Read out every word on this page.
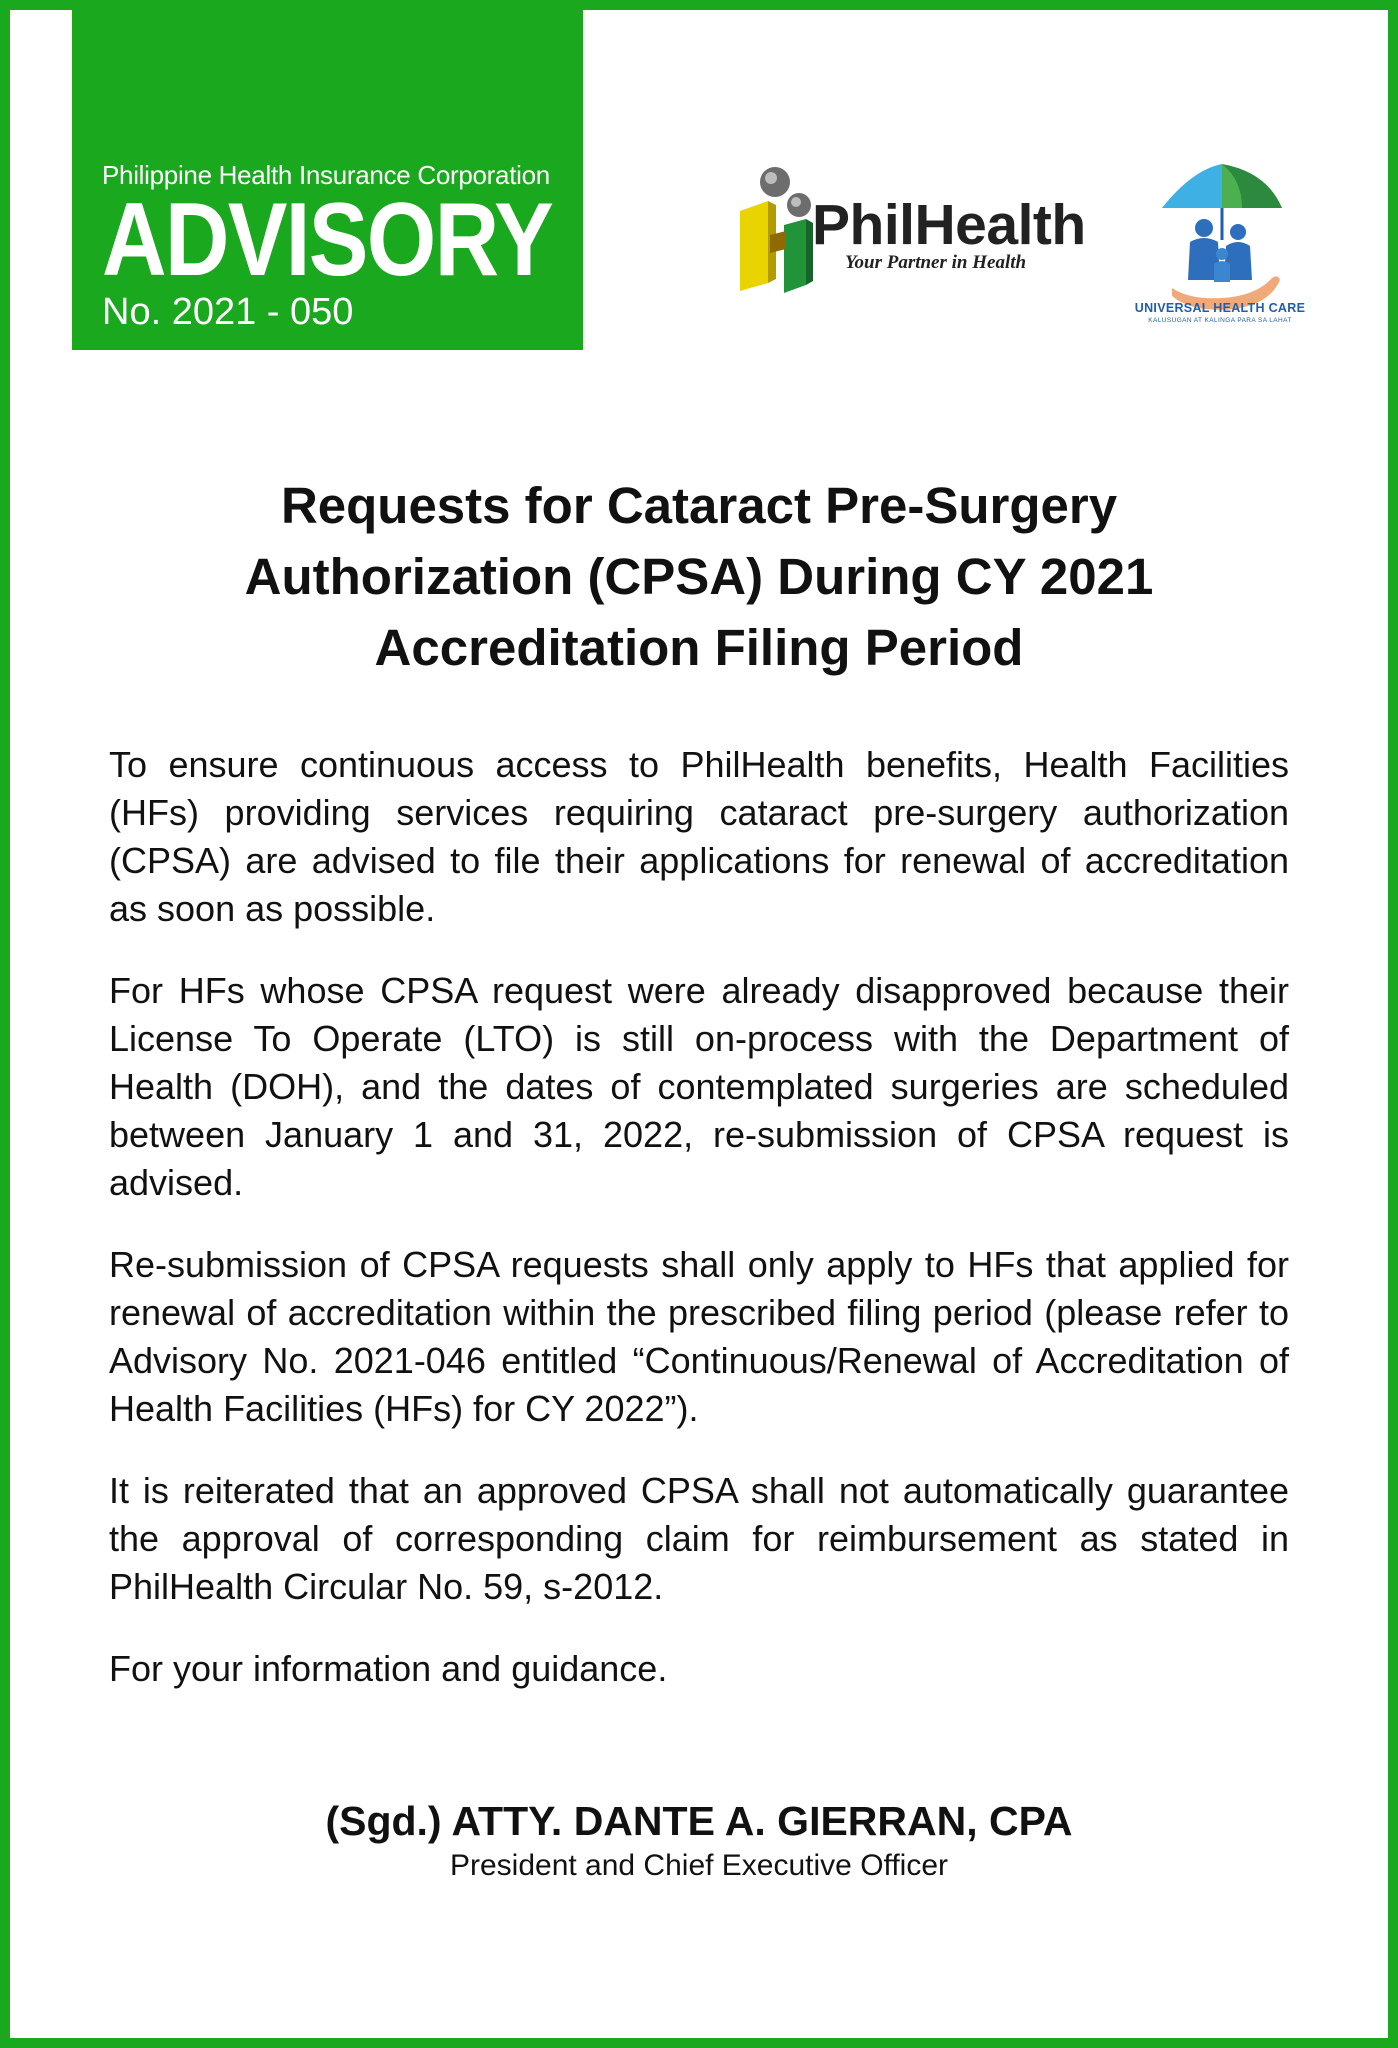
Philippine Health Insurance Corporation
ADVISORY
No. 2021 - 050
PhilHealth
Your Partner in Health
UNIVERSAL HEALTH CARE
KALUSUGAN AT KALINGA PARA SA LAHAT
Requests for Cataract Pre-Surgery
Authorization (CPSA) During CY 2021
Accreditation Filing Period

To ensure continuous access to PhilHealth benefits, Health Facilities (HFs) providing services requiring cataract pre-surgery authorization (CPSA) are advised to file their applications for renewal of accreditation as soon as possible.

For HFs whose CPSA request were already disapproved because their License To Operate (LTO) is still on-process with the Department of Health (DOH), and the dates of contemplated surgeries are scheduled between January 1 and 31, 2022, re-submission of CPSA request is advised.

Re-submission of CPSA requests shall only apply to HFs that applied for renewal of accreditation within the prescribed filing period (please refer to Advisory No. 2021-046 entitled “Continuous/Renewal of Accreditation of Health Facilities (HFs) for CY 2022”).

It is reiterated that an approved CPSA shall not automatically guarantee the approval of corresponding claim for reimbursement as stated in PhilHealth Circular No. 59, s-2012.

For your information and guidance.

(Sgd.) ATTY. DANTE A. GIERRAN, CPA
President and Chief Executive Officer
